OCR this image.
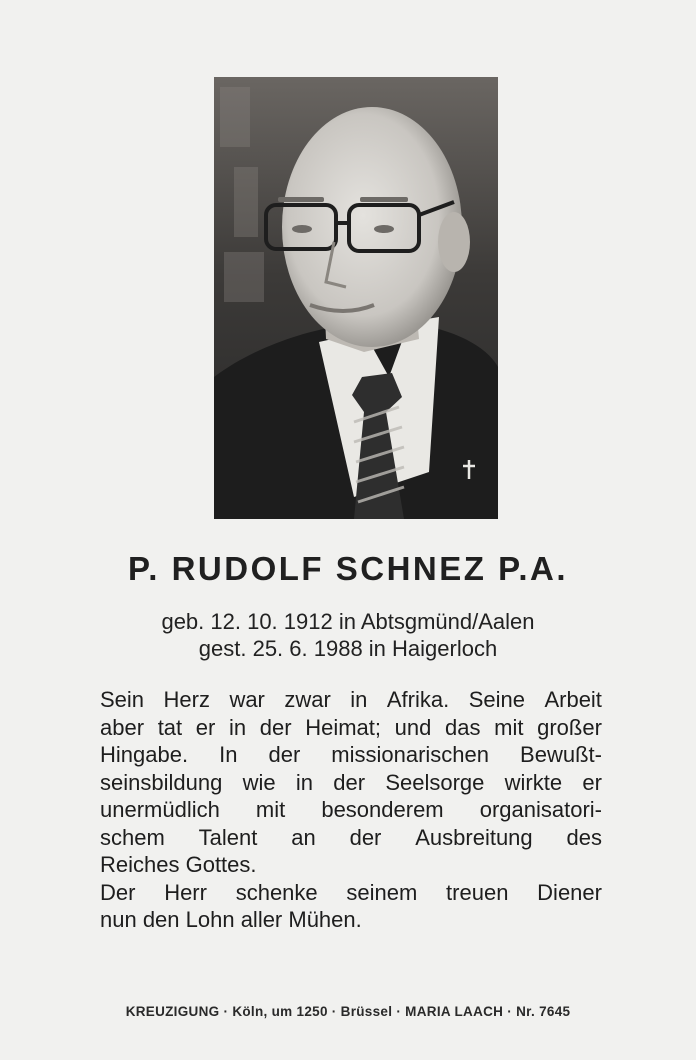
P. RUDOLF SCHNEZ P.A.
geb. 12. 10. 1912 in Abtsgmünd/Aalen
gest. 25. 6. 1988 in Haigerloch
Sein Herz war zwar in Afrika. Seine Arbeit
aber tat er in der Heimat; und das mit großer
Hingabe. In der missionarischen Bewußt-
seinsbildung wie in der Seelsorge wirkte er
unermüdlich mit besonderem organisatori-
schem Talent an der Ausbreitung des
Reiches Gottes.
Der Herr schenke seinem treuen Diener
nun den Lohn aller Mühen.
KREUZIGUNG · Köln, um 1250 · Brüssel · MARIA LAACH · Nr. 7645
